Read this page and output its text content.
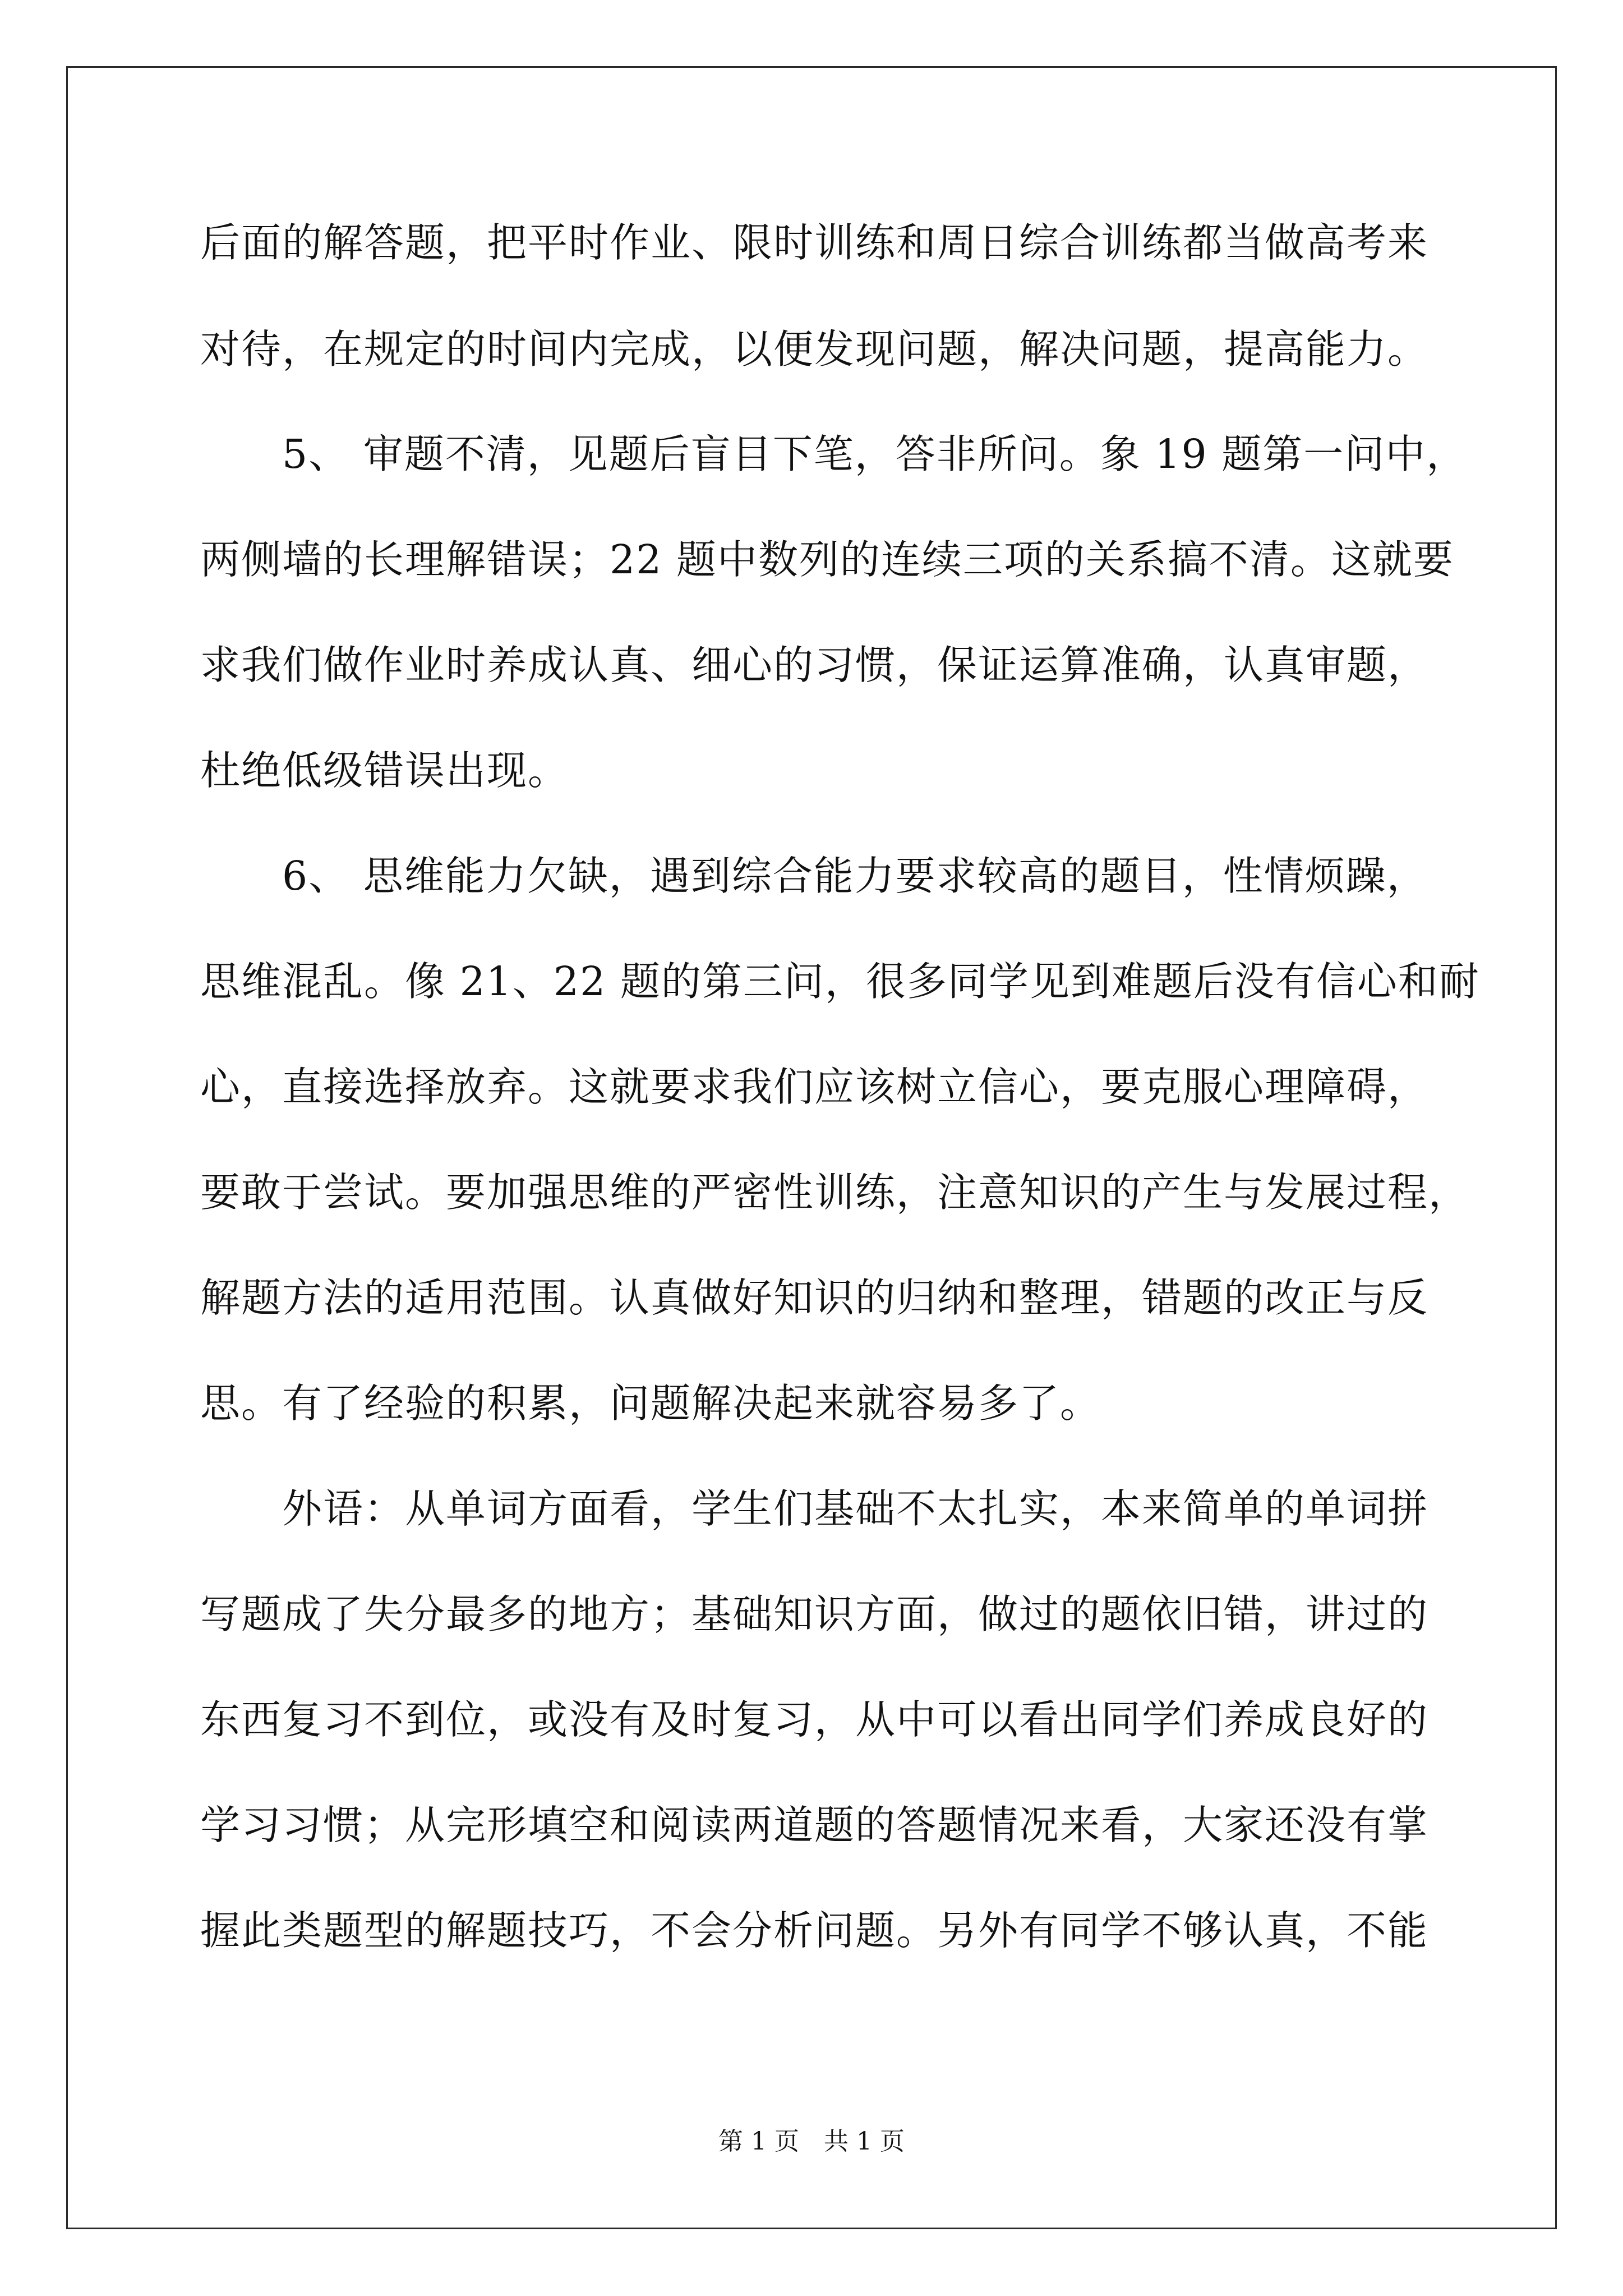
后面的解答题，把平时作业、限时训练和周日综合训练都当做高考来
对待，在规定的时间内完成，以便发现问题，解决问题，提高能力。
　　5、 审题不清，见题后盲目下笔，答非所问。象 19 题第一问中，
两侧墙的长理解错误；22 题中数列的连续三项的关系搞不清。这就要
求我们做作业时养成认真、细心的习惯，保证运算准确，认真审题，
杜绝低级错误出现。
　　6、 思维能力欠缺，遇到综合能力要求较高的题目，性情烦躁，
思维混乱。像 21、22 题的第三问，很多同学见到难题后没有信心和耐
心，直接选择放弃。这就要求我们应该树立信心，要克服心理障碍，
要敢于尝试。要加强思维的严密性训练，注意知识的产生与发展过程，
解题方法的适用范围。认真做好知识的归纳和整理，错题的改正与反
思。有了经验的积累，问题解决起来就容易多了。
　　外语：从单词方面看，学生们基础不太扎实，本来简单的单词拼
写题成了失分最多的地方；基础知识方面，做过的题依旧错，讲过的
东西复习不到位，或没有及时复习，从中可以看出同学们养成良好的
学习习惯；从完形填空和阅读两道题的答题情况来看，大家还没有掌
握此类题型的解题技巧，不会分析问题。另外有同学不够认真，不能
第 1 页　共 1 页
